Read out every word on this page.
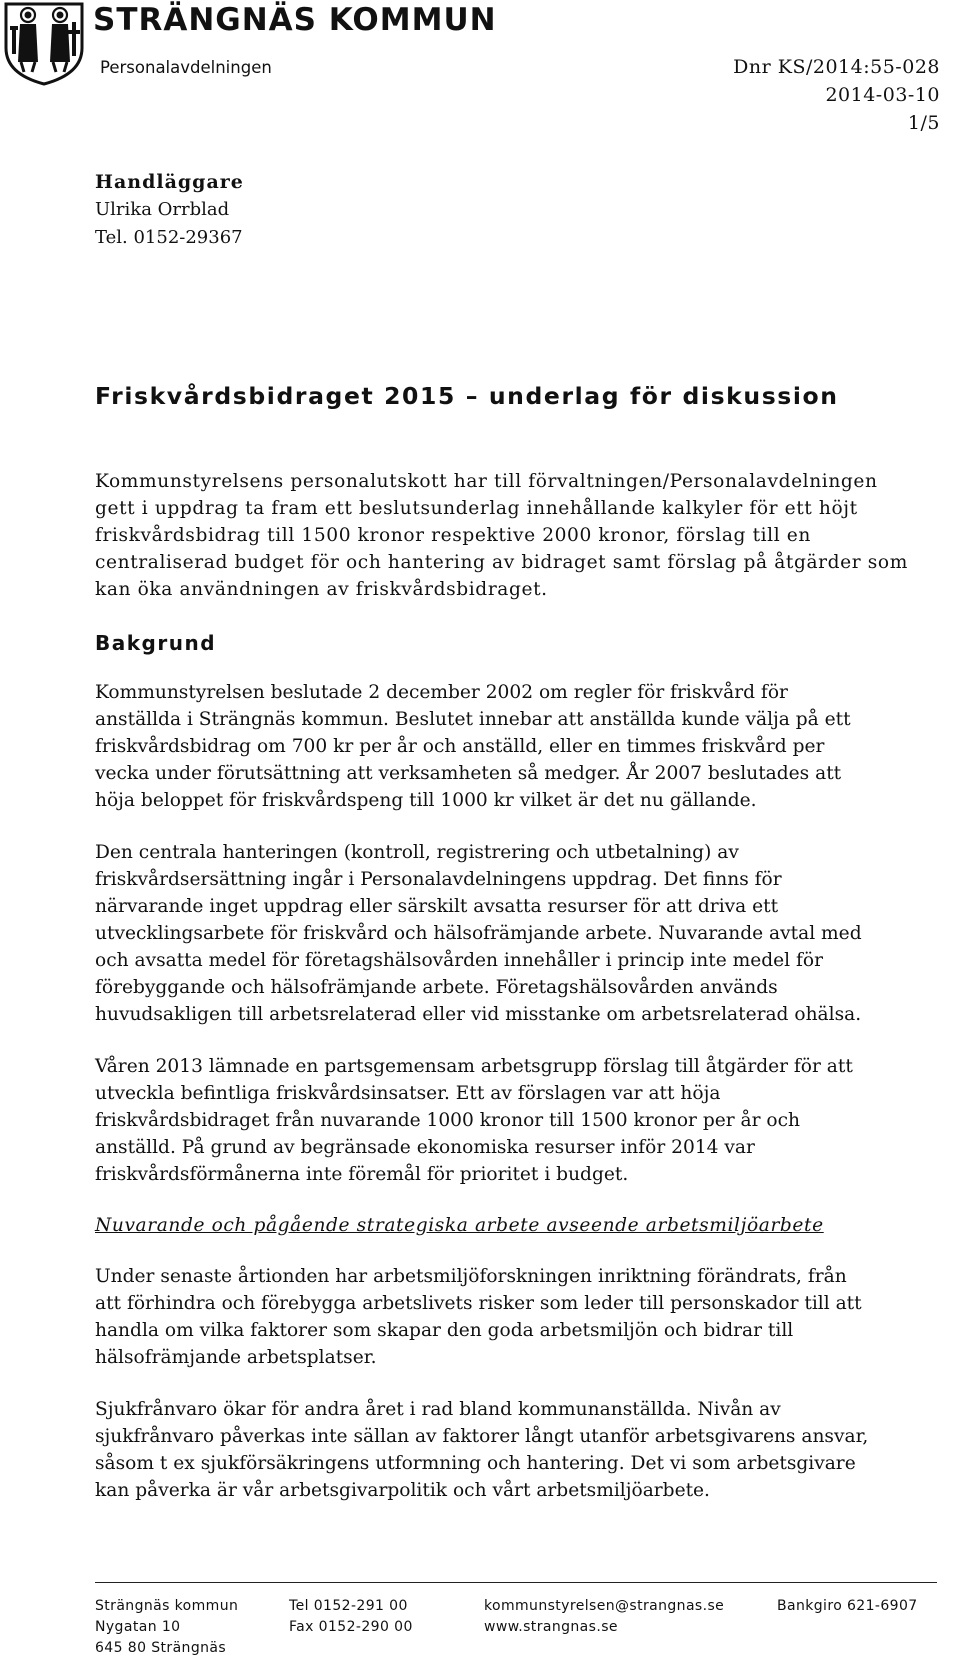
STRÄNGNÄS KOMMUN
Personalavdelningen	Dnr KS/2014:55-028
2014-03-10
1/5
Handläggare
Ulrika Orrblad
Tel. 0152-29367
Friskvårdsbidraget 2015 – underlag för diskussion

Kommunstyrelsens personalutskott har till förvaltningen/Personalavdelningen

gett i uppdrag ta fram ett beslutsunderlag innehållande kalkyler för ett höjt

friskvårdsbidrag till 1500 kronor respektive 2000 kronor, förslag till en

centraliserad budget för och hantering av bidraget samt förslag på åtgärder som

kan öka användningen av friskvårdsbidraget.

Bakgrund

Kommunstyrelsen beslutade 2 december 2002 om regler för friskvård för

anställda i Strängnäs kommun. Beslutet innebar att anställda kunde välja på ett

friskvårdsbidrag om 700 kr per år och anställd, eller en timmes friskvård per

vecka under förutsättning att verksamheten så medger. År 2007 beslutades att

höja beloppet för friskvårdspeng till 1000 kr vilket är det nu gällande.

Den centrala hanteringen (kontroll, registrering och utbetalning) av

friskvårdsersättning ingår i Personalavdelningens uppdrag. Det finns för

närvarande inget uppdrag eller särskilt avsatta resurser för att driva ett

utvecklingsarbete för friskvård och hälsofrämjande arbete. Nuvarande avtal med

och avsatta medel för företagshälsovården innehåller i princip inte medel för

förebyggande och hälsofrämjande arbete. Företagshälsovården används

huvudsakligen till arbetsrelaterad eller vid misstanke om arbetsrelaterad ohälsa.

Våren 2013 lämnade en partsgemensam arbetsgrupp förslag till åtgärder för att

utveckla befintliga friskvårdsinsatser. Ett av förslagen var att höja

friskvårdsbidraget från nuvarande 1000 kronor till 1500 kronor per år och

anställd. På grund av begränsade ekonomiska resurser inför 2014 var

friskvårdsförmånerna inte föremål för prioritet i budget.

Nuvarande och pågående strategiska arbete avseende arbetsmiljöarbete

Under senaste årtionden har arbetsmiljöforskningen inriktning förändrats, från

att förhindra och förebygga arbetslivets risker som leder till personskador till att

handla om vilka faktorer som skapar den goda arbetsmiljön och bidrar till

hälsofrämjande arbetsplatser.

Sjukfrånvaro ökar för andra året i rad bland kommunanställda. Nivån av

sjukfrånvaro påverkas inte sällan av faktorer långt utanför arbetsgivarens ansvar,

såsom t ex sjukförsäkringens utformning och hantering. Det vi som arbetsgivare

kan påverka är vår arbetsgivarpolitik och vårt arbetsmiljöarbete.

Strängnäs kommun
Nygatan 10
645 80 Strängnäs
Tel 0152-291 00
Fax 0152-290 00
kommunstyrelsen@strangnas.se
www.strangnas.se
Bankgiro 621-6907
